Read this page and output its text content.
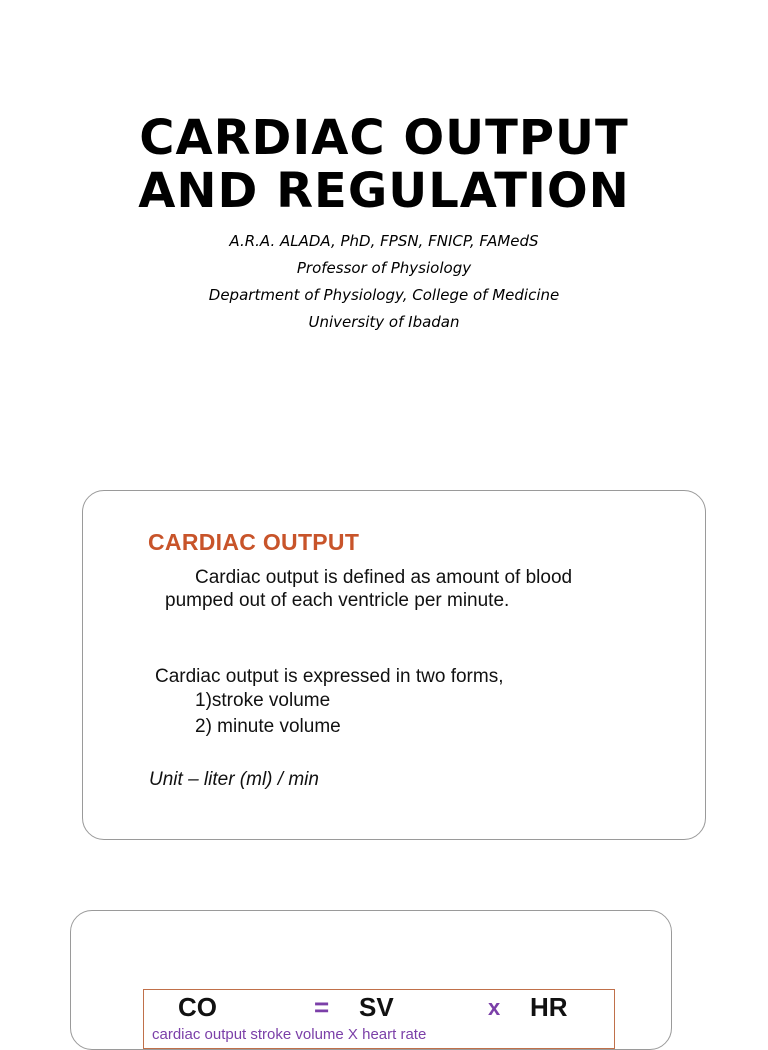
CARDIAC OUTPUT
AND REGULATION
A.R.A. ALADA, PhD, FPSN, FNICP, FAMedS
Professor of Physiology
Department of Physiology, College of Medicine
University of Ibadan
CARDIAC OUTPUT
Cardiac output is defined as amount of blood pumped out of each ventricle per minute.
Cardiac output is expressed in two forms,
1)stroke volume
2) minute volume
Unit – liter (ml) / min
CO	= SV	x HR
cardiac output stroke volume X heart rate
